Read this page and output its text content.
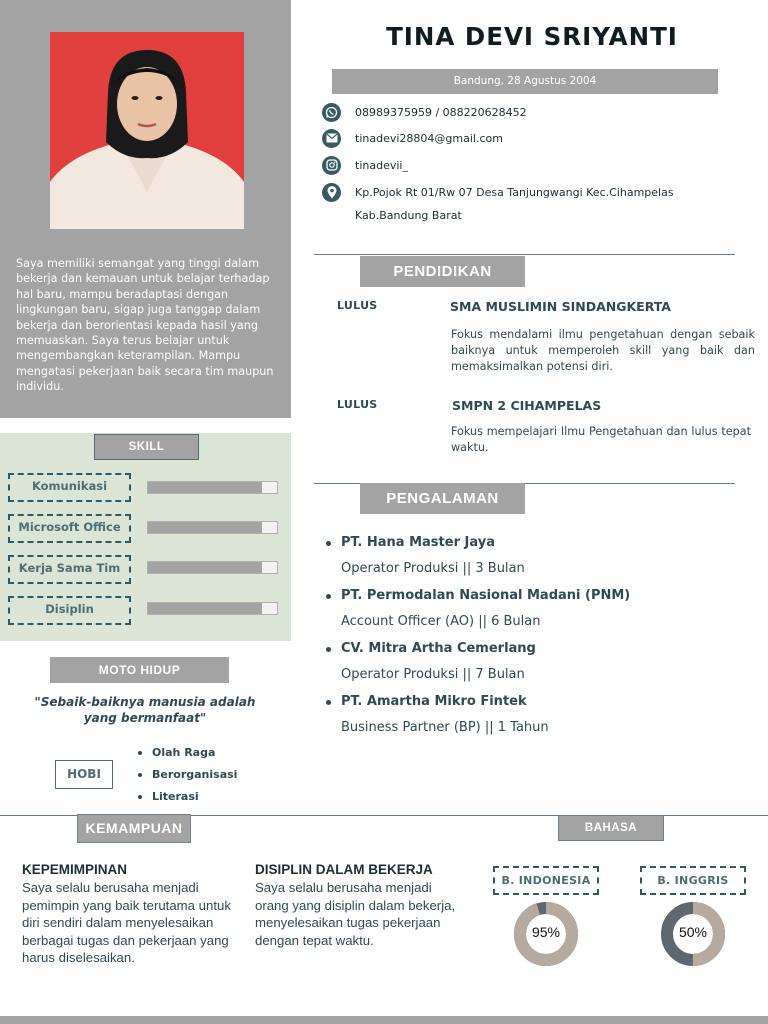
Saya memiliki semangat yang tinggi dalam bekerja dan kemauan untuk belajar terhadap hal baru, mampu beradaptasi dengan lingkungan baru, sigap juga tanggap dalam bekerja dan berorientasi kepada hasil yang memuaskan. Saya terus belajar untuk mengembangkan keterampilan. Mampu mengatasi pekerjaan baik secara tim maupun individu.
SKILL
Komunikasi
Microsoft Office
Kerja Sama Tim
Disiplin
MOTO HIDUP
"Sebaik-baiknya manusia adalah yang bermanfaat"
HOBI
Olah Raga
Berorganisasi
Literasi
TINA DEVI SRIYANTI
Bandung, 28 Agustus 2004
08989375959 / 088220628452
tinadevi28804@gmail.com
tinadevii_
Kp.Pojok Rt 01/Rw 07 Desa Tanjungwangi Kec.Cihampelas
Kab.Bandung Barat
PENDIDIKAN
LULUS	SMA MUSLIMIN SINDANGKERTA
Fokus mendalami ilmu pengetahuan dengan sebaik baiknya untuk memperoleh skill yang baik dan memaksimalkan potensi diri.
LULUS	SMPN 2 CIHAMPELAS
Fokus mempelajari Ilmu Pengetahuan dan lulus tepat waktu.
PENGALAMAN
PT. Hana Master Jaya
Operator Produksi || 3 Bulan
PT. Permodalan Nasional Madani (PNM)
Account Officer (AO) || 6 Bulan
CV. Mitra Artha Cemerlang
Operator Produksi || 7 Bulan
PT. Amartha Mikro Fintek
Business Partner (BP) || 1 Tahun
KEMAMPUAN	BAHASA
KEPEMIMPINAN
Saya selalu berusaha menjadi pemimpin yang baik terutama untuk diri sendiri dalam menyelesaikan berbagai tugas dan pekerjaan yang harus diselesaikan.
DISIPLIN DALAM BEKERJA
Saya selalu berusaha menjadi orang yang disiplin dalam bekerja, menyelesaikan tugas pekerjaan dengan tepat waktu.
B. INDONESIA	B. INGGRIS
95%	50%
